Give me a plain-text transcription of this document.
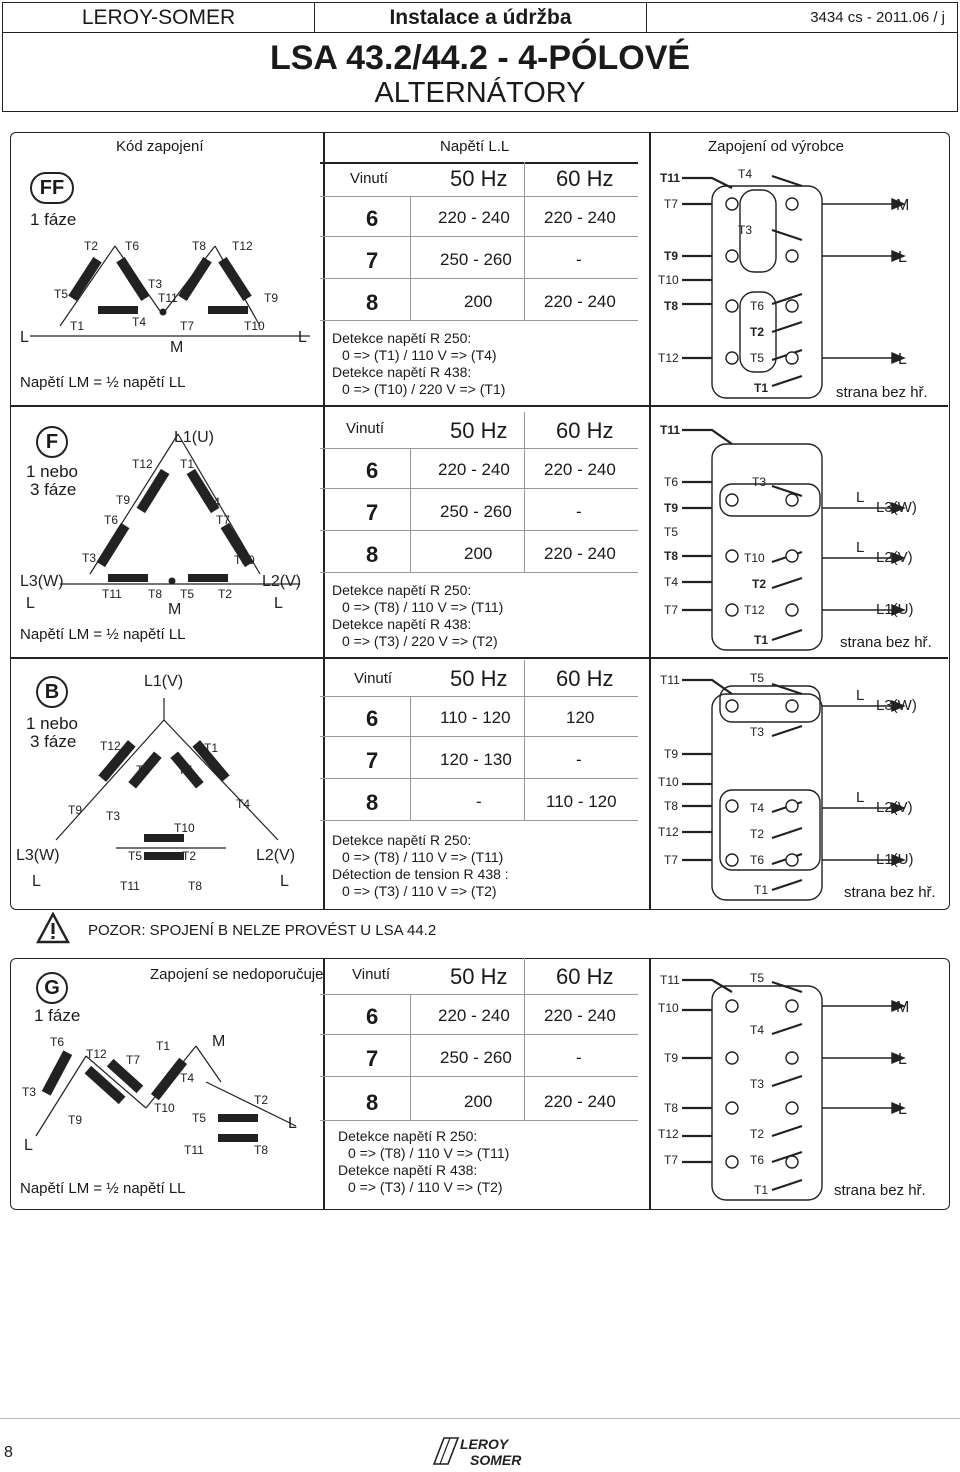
LEROY-SOMER	Instalace a údržba	3434 cs - 2011.06 / j
LSA 43.2/44.2 - 4-PÓLOVÉ
ALTERNÁTORY
Kód zapojení	Napětí L.L	Zapojení od výrobce
FF
1 fáze
Napětí LM = ½ napětí LL
T2 T6	T8 T12
T5
T3
T11	T9
T1	T4	T7	T10
M
L	L
Vinutí	50 Hz 60 Hz
6	220 - 240 220 - 240
7	250 - 260	-
8	200	220 - 240
Detekce napětí R 250:
0 => (T1) / 110 V => (T4)
Detekce napětí R 438:
0 => (T10) / 220 V => (T1)
T11	T4
T7
T3
T9
T10
T8	T6
T2
T12	T5
T1
M
L
L
strana bez hř.
F
1 nebo
3 fáze
Napětí LM = ½ napětí LL
L1(U)
T12 T1
T9	T4
T6	T7
T3	T10
T11 T8 T5 T2
M
L3(W)
L
L2(V)
L
Vinutí	50 Hz 60 Hz
6	220 - 240 220 - 240
7	250 - 260	-
8	200	220 - 240
Detekce napětí R 250:
0 => (T8) / 110 V => (T11)
Detekce napětí R 438:
0 => (T3) / 220 V => (T2)
T11
T6	T3
T9
T5
T8	T10
T4	T2
T7	T12
T1
L
L
L3(W)
L2(V)
L1(U)
strana bez hř.
B
1 nebo
3 fáze
L1(V)
T12	T1
T6 T7
T9 T3
T4
T10
T5	T2
T11	T8
L3(W)
L
L2(V)
L
Vinutí	50 Hz 60 Hz
6	110 - 120	120
7	120 - 130	-
8	-	110 - 120
Detekce napětí R 250:
0 => (T8) / 110 V => (T11)
Détection de tension R 438 :
0 => (T3) / 110 V => (T2)
T11	T5
T3
T9
T10
T8	T4
T12	T2
T7	T6
T1
L
L
L3(W)
L2(V)
L1(U)
strana bez hř.
POZOR: SPOJENÍ B NELZE PROVÉST U LSA 44.2
G
1 fáze
Zapojení se nedoporučuje
Napětí LM = ½ napětí LL
T6
T12 T7
T1	M
T4
T3
T9
T10
T5
T2
T11	T8
L
L
Vinutí	50 Hz 60 Hz
6	220 - 240 220 - 240
7	250 - 260	-
8	200	220 - 240
Detekce napětí R 250:
0 => (T8) / 110 V => (T11)
Detekce napětí R 438:
0 => (T3) / 110 V => (T2)
T11	T5
T10
T4
T9
T3
T8
T2
T12
T6
T7
T1
M
L
L
strana bez hř.
8	LEROY
SOMER
